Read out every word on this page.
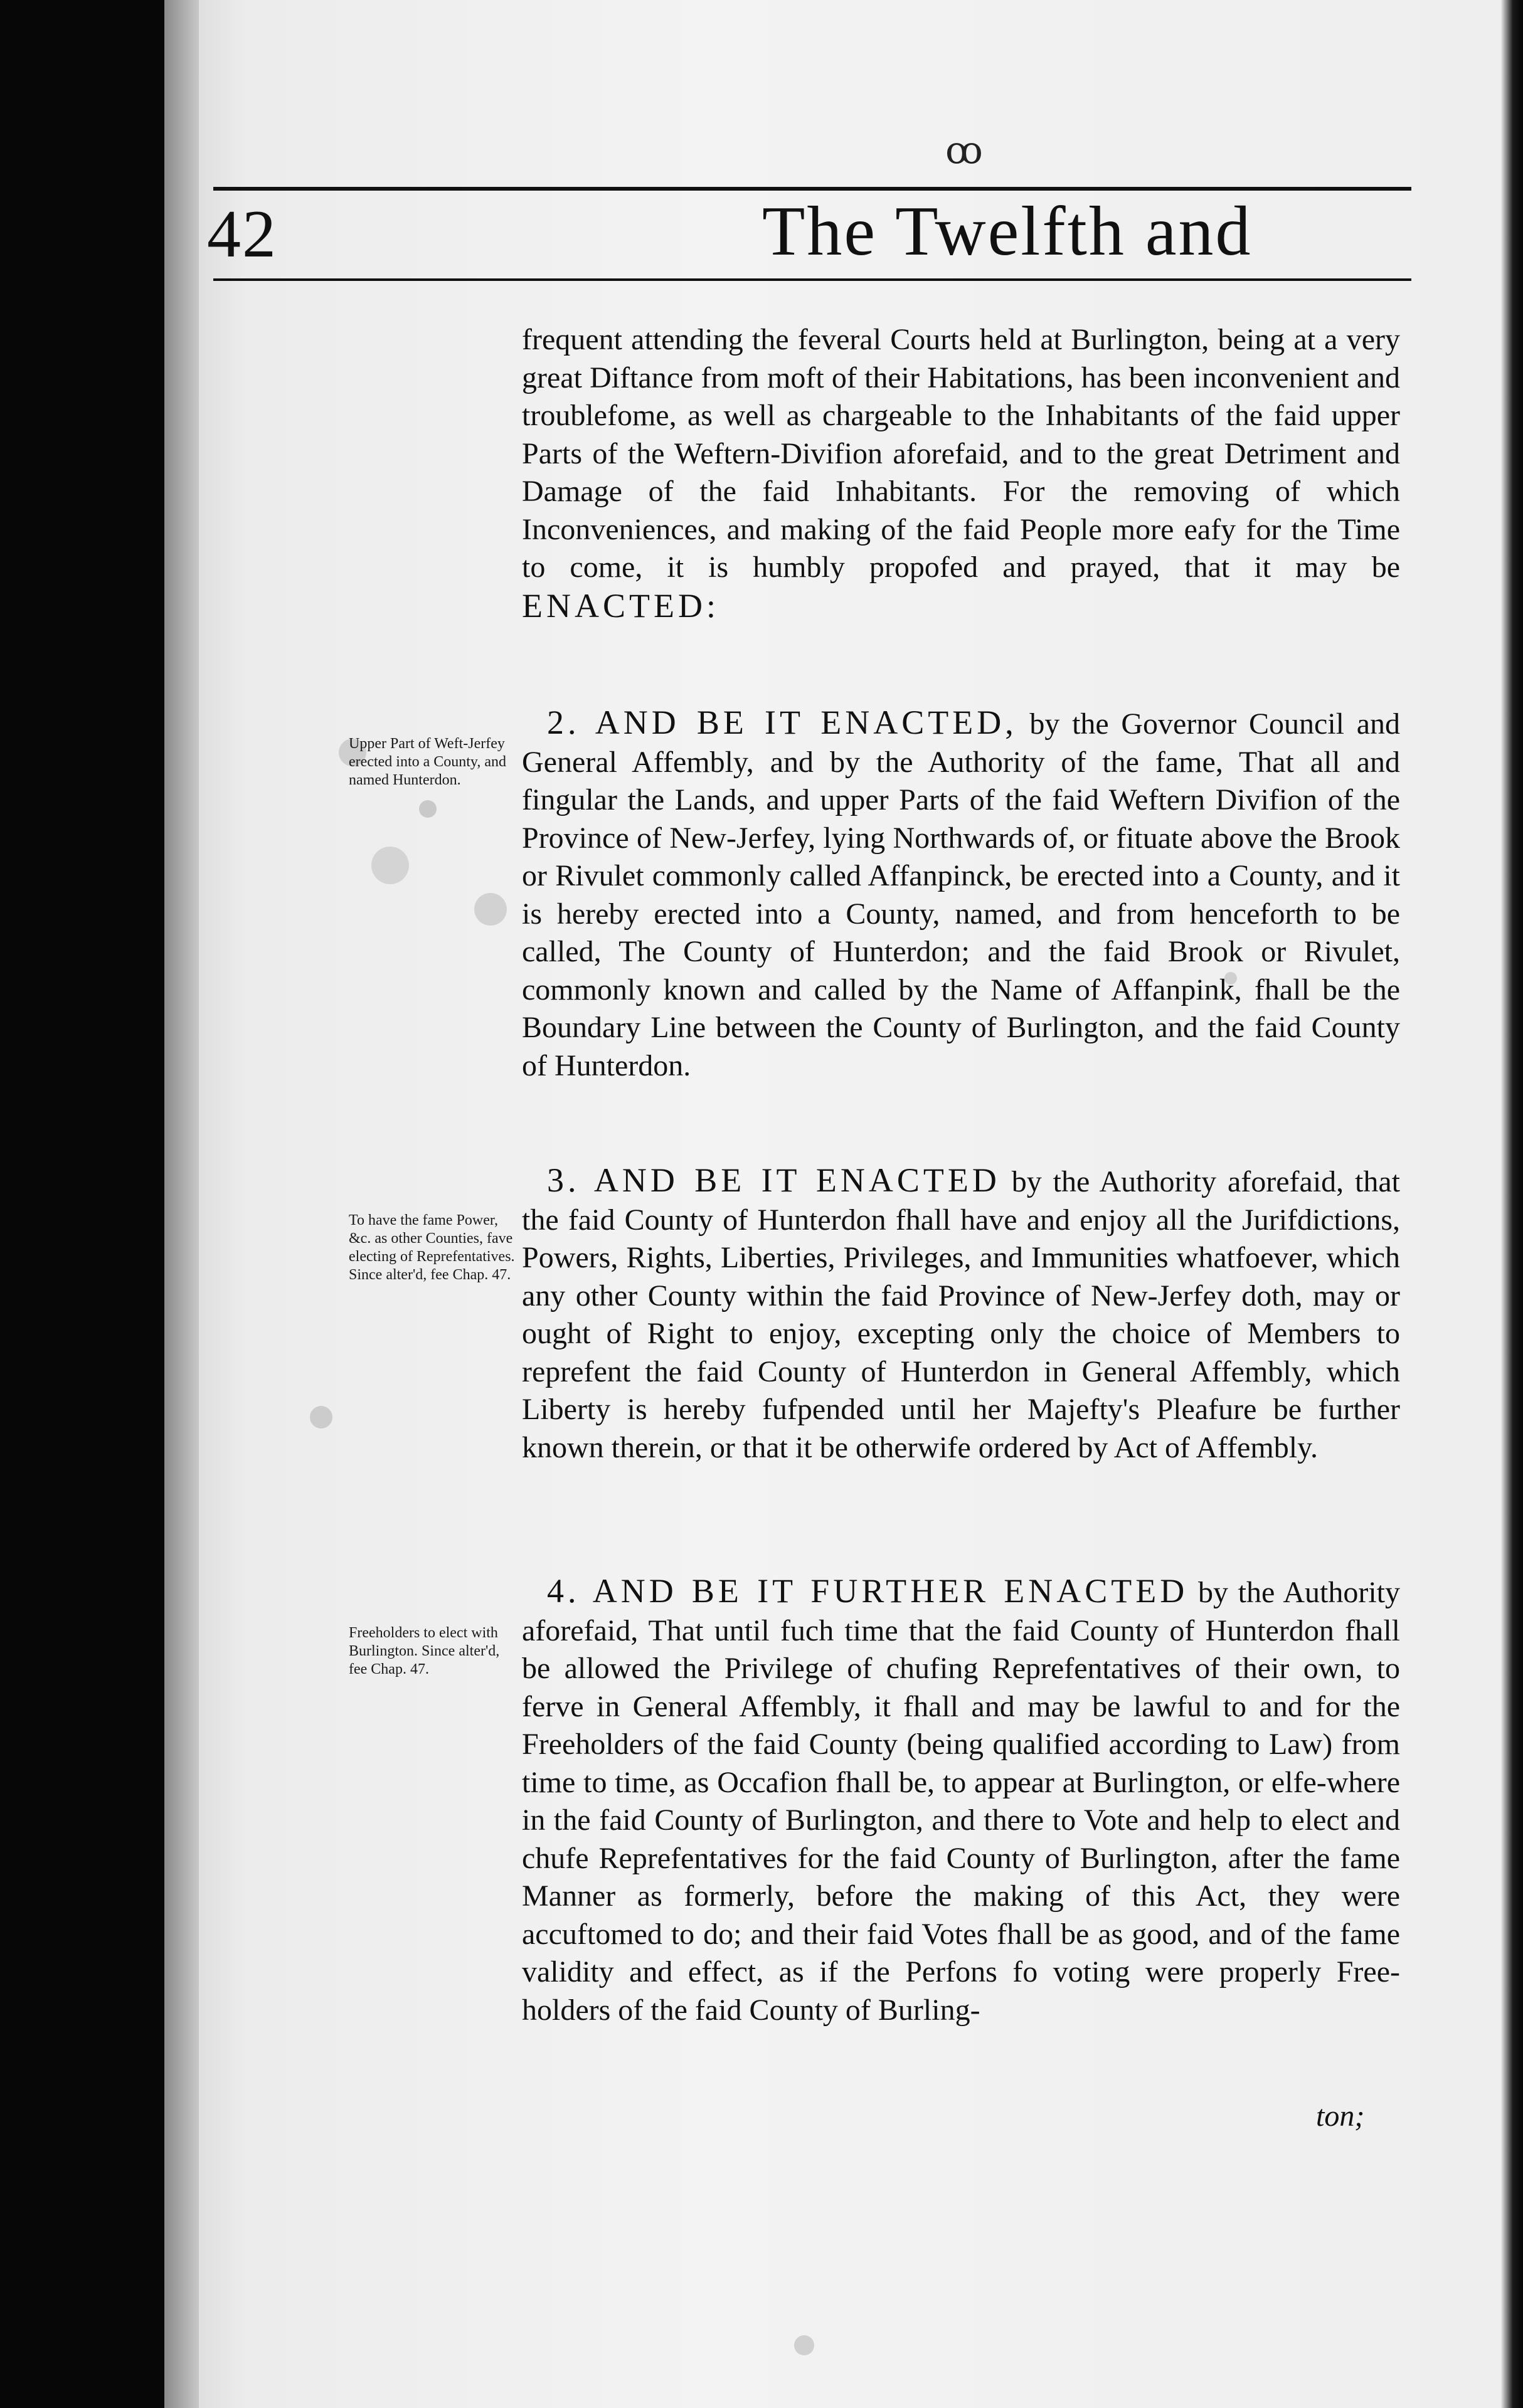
ꝏ
42	The Twelfth and

frequent attending the feveral Courts held at Burlington, being at a very great Diftance from moft of their Habitations, has been inconvenient and troublefome, as well as chargeable to the Inhabitants of the faid upper Parts of the Weftern-Divifion aforefaid, and to the great Detriment and Damage of the faid Inhabitants. For the removing of which Inconveniences, and making of the faid People more eafy for the Time to come, it is humbly propofed and prayed, that it may be ENACTED:

2. AND BE IT ENACTED, by the Governor Council and General Affembly, and by the Authority of the fame, That all and fingular the Lands, and upper Parts of the faid Weftern Divifion of the Province of New-Jerfey, lying Northwards of, or fituate above the Brook or Rivulet commonly called Affanpinck, be erected into a County, and it is hereby erected into a County, named, and from henceforth to be called, The County of Hunterdon; and the faid Brook or Rivulet, commonly known and called by the Name of Affanpink, fhall be the Boundary Line between the County of Burlington, and the faid County of Hunterdon.

3. AND BE IT ENACTED by the Authority aforefaid, that the faid County of Hunterdon fhall have and enjoy all the Jurifdictions, Powers, Rights, Liberties, Privileges, and Immunities whatfoever, which any other County within the faid Province of New-Jerfey doth, may or ought of Right to enjoy, excepting only the choice of Members to reprefent the faid County of Hunterdon in General Affembly, which Liberty is hereby fufpended until her Majefty's Pleafure be further known therein, or that it be otherwife ordered by Act of Affembly.

4. AND BE IT FURTHER ENACTED by the Authority aforefaid, That until fuch time that the faid County of Hunterdon fhall be allowed the Privilege of chufing Reprefentatives of their own, to ferve in General Affembly, it fhall and may be lawful to and for the Freeholders of the faid County (being qualified according to Law) from time to time, as Occafion fhall be, to appear at Burlington, or elfe-where in the faid County of Burlington, and there to Vote and help to elect and chufe Reprefentatives for the faid County of Burlington, after the fame Manner as formerly, before the making of this Act, they were accuftomed to do; and their faid Votes fhall be as good, and of the fame validity and effect, as if the Perfons fo voting were properly Free-holders of the faid County of Burling-

Upper Part of Weft-Jerfey erected into a County, and named Hunterdon.
To have the fame Power, &c. as other Counties, fave electing of Reprefentatives. Since alter'd, fee Chap. 47.
Freeholders to elect with Burlington. Since alter'd, fee Chap. 47.
ton;
